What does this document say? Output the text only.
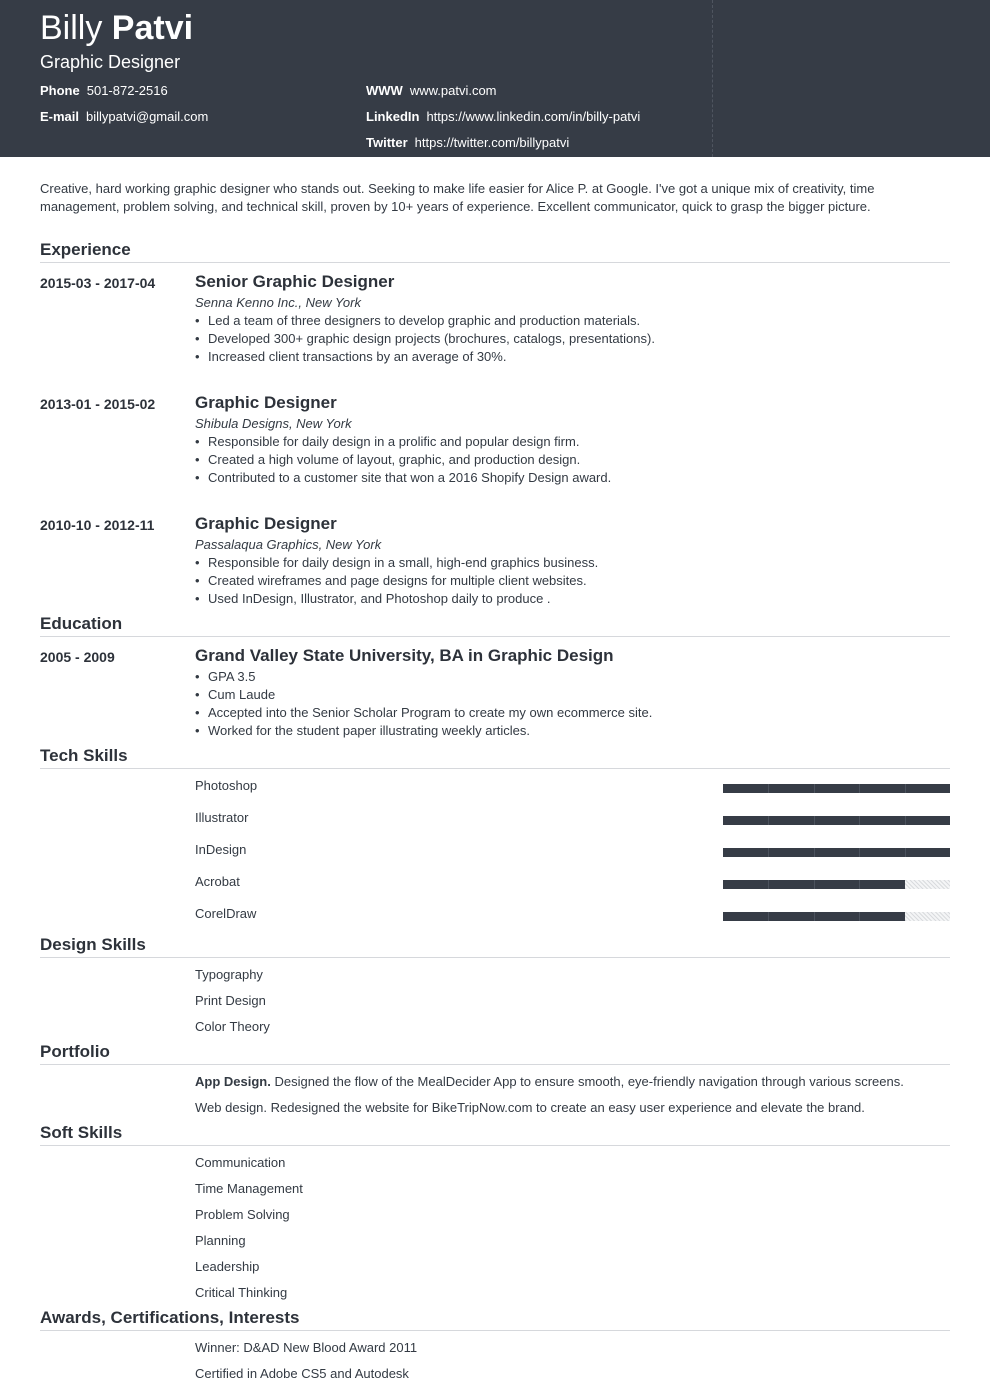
Billy Patvi
Graphic Designer
Phone 501-872-2516
E-mail billypatvi@gmail.com
WWW www.patvi.com
LinkedIn https://www.linkedin.com/in/billy-patvi
Twitter https://twitter.com/billypatvi
Creative, hard working graphic designer who stands out. Seeking to make life easier for Alice P. at Google. I've got a unique mix of creativity, time management, problem solving, and technical skill, proven by 10+ years of experience. Excellent communicator, quick to grasp the bigger picture.
Experience
2015-03 - 2017-04 Senior Graphic Designer
Senna Kenno Inc., New York
• Led a team of three designers to develop graphic and production materials.
• Developed 300+ graphic design projects (brochures, catalogs, presentations).
• Increased client transactions by an average of 30%.
2013-01 - 2015-02 Graphic Designer
Shibula Designs, New York
• Responsible for daily design in a prolific and popular design firm.
• Created a high volume of layout, graphic, and production design.
• Contributed to a customer site that won a 2016 Shopify Design award.
2010-10 - 2012-11 Graphic Designer
Passalaqua Graphics, New York
• Responsible for daily design in a small, high-end graphics business.
• Created wireframes and page designs for multiple client websites.
• Used InDesign, Illustrator, and Photoshop daily to produce .
Education
2005 - 2009	Grand Valley State University, BA in Graphic Design
• GPA 3.5
• Cum Laude
• Accepted into the Senior Scholar Program to create my own ecommerce site.
• Worked for the student paper illustrating weekly articles.
Tech Skills
Photoshop
Illustrator
InDesign
Acrobat
CorelDraw
Design Skills
Typography
Print Design
Color Theory
Portfolio
App Design. Designed the flow of the MealDecider App to ensure smooth, eye-friendly navigation through various screens.
Web design. Redesigned the website for BikeTripNow.com to create an easy user experience and elevate the brand.
Soft Skills
Communication
Time Management
Problem Solving
Planning
Leadership
Critical Thinking
Awards, Certifications, Interests
Winner: D&AD New Blood Award 2011
Certified in Adobe CS5 and Autodesk
